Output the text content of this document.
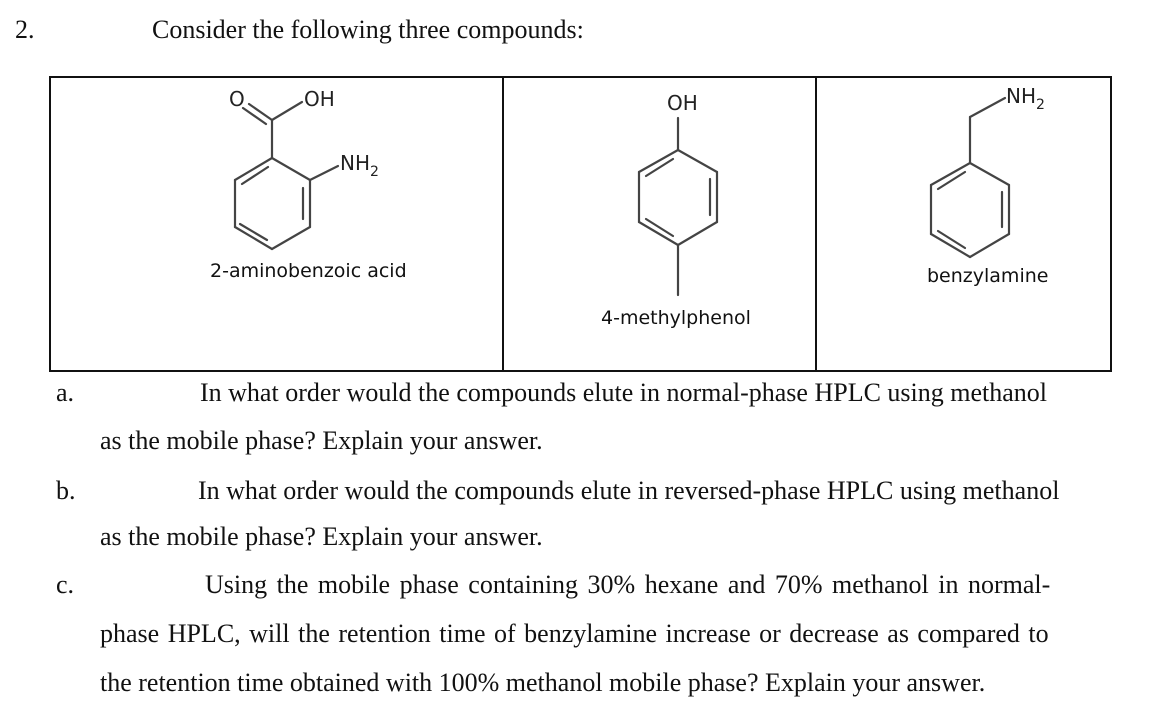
2.	Consider the following three compounds:
O	OH
$NH_2$
OH	$NH_2$
2-aminobenzoic acid
4-methylphenol
benzylamine
a.	In what order would the compounds elute in normal-phase HPLC using methanol
as the mobile phase? Explain your answer.
b.	In what order would the compounds elute in reversed-phase HPLC using methanol
as the mobile phase? Explain your answer.
c.	Using the mobile phase containing 30% hexane and 70% methanol in normal-
phase HPLC, will the retention time of benzylamine increase or decrease as compared to
the retention time obtained with 100% methanol mobile phase? Explain your answer.
